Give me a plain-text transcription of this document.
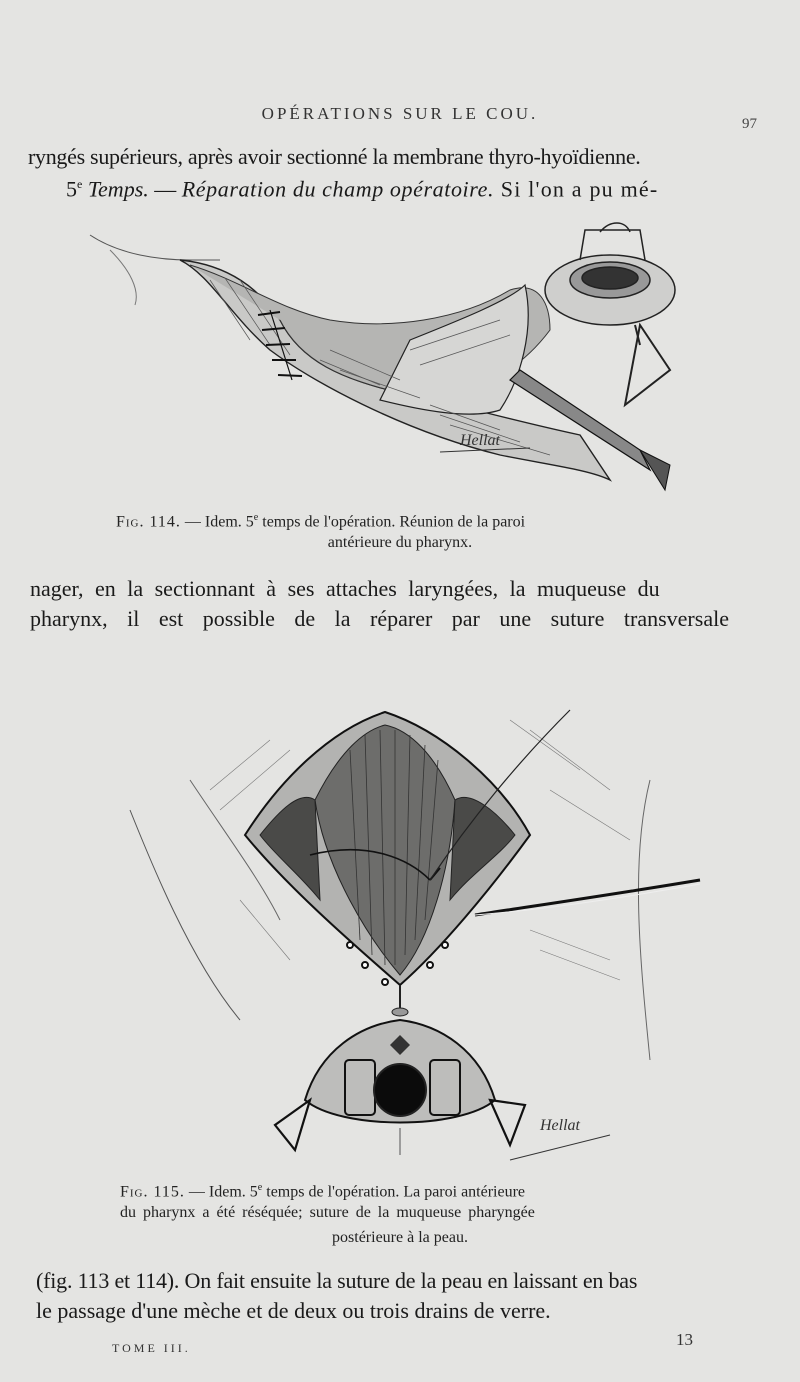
OPÉRATIONS SUR LE COU.
97
ryngés supérieurs, après avoir sectionné la membrane thyro-hyoïdienne.
5e Temps. — Réparation du champ opératoire. Si l'on a pu mé-
Hellat
Fig. 114. — Idem. 5e temps de l'opération. Réunion de la paroi
antérieure du pharynx.
nager, en la sectionnant à ses attaches laryngées, la muqueuse du
pharynx, il est possible de la réparer par une suture transversale
Hellat
Fig. 115. — Idem. 5e temps de l'opération. La paroi antérieure
du pharynx a été réséquée; suture de la muqueuse pharyngée
postérieure à la peau.
(fig. 113 et 114). On fait ensuite la suture de la peau en laissant en bas
le passage d'une mèche et de deux ou trois drains de verre.
TOME III.	13
